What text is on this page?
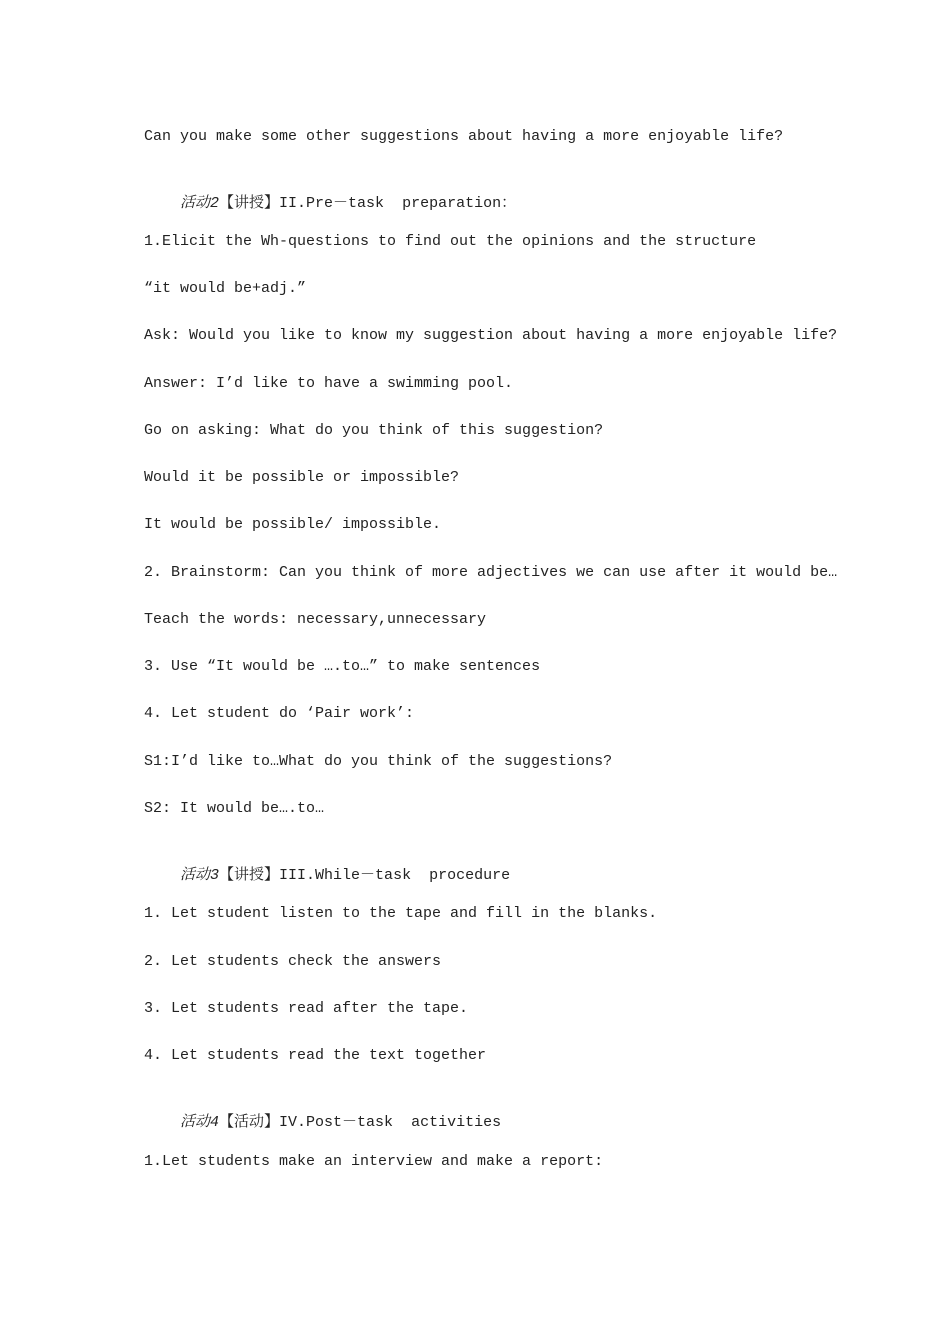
Can you make some other suggestions about having a more enjoyable life?

活动2【讲授】II.Pre－task  preparation：

1.Elicit the Wh-questions to find out the opinions and the structure
“it would be+adj.”
Ask: Would you like to know my suggestion about having a more enjoyable life?
Answer: I’d like to have a swimming pool.
Go on asking: What do you think of this suggestion?
Would it be possible or impossible?
It would be possible/ impossible.
2. Brainstorm: Can you think of more adjectives we can use after it would be…
Teach the words: necessary,unnecessary
3. Use “It would be ….to…” to make sentences
4. Let student do ‘Pair work’:
S1:I’d like to…What do you think of the suggestions?
S2: It would be….to…

活动3【讲授】III.While－task  procedure

1. Let student listen to the tape and fill in the blanks.
2. Let students check the answers
3. Let students read after the tape.
4. Let students read the text together

活动4【活动】IV.Post－task  activities

1.Let students make an interview and make a report:
